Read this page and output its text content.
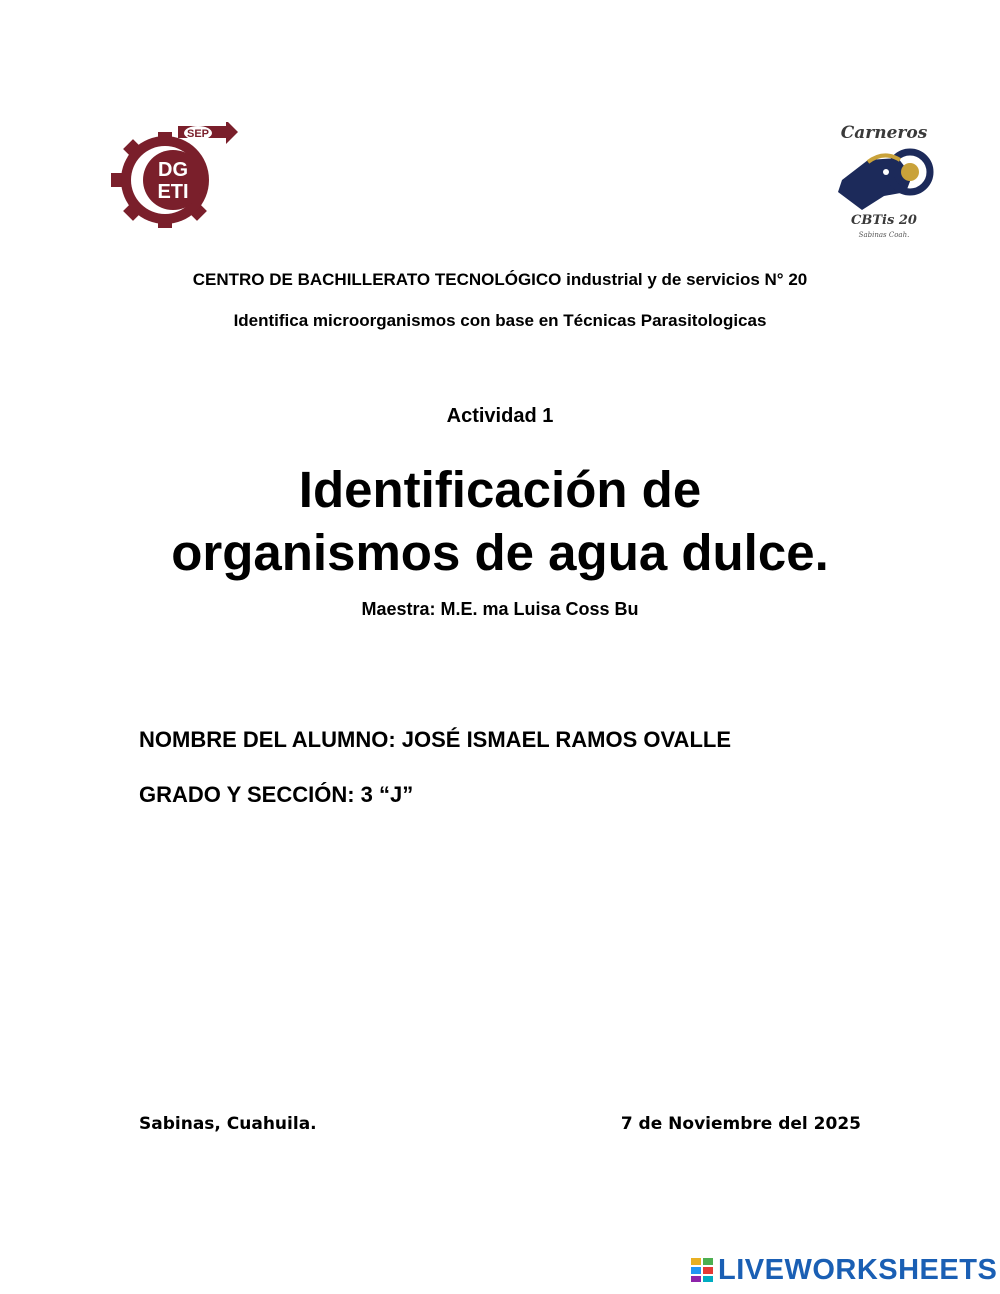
DG
ETI
SEP	Carneros
CBTis 20
Sabinas Coah.
CENTRO DE BACHILLERATO TECNOLÓGICO industrial y de servicios N° 20
Identifica microorganismos con base en Técnicas Parasitologicas
Actividad 1
Identificación de
organismos de agua dulce.
Maestra: M.E. ma Luisa Coss Bu
NOMBRE DEL ALUMNO: JOSÉ ISMAEL RAMOS OVALLE
GRADO Y SECCIÓN: 3 “J”
Sabinas, Cuahuila.	7 de Noviembre del 2025
LIVEWORKSHEETS
